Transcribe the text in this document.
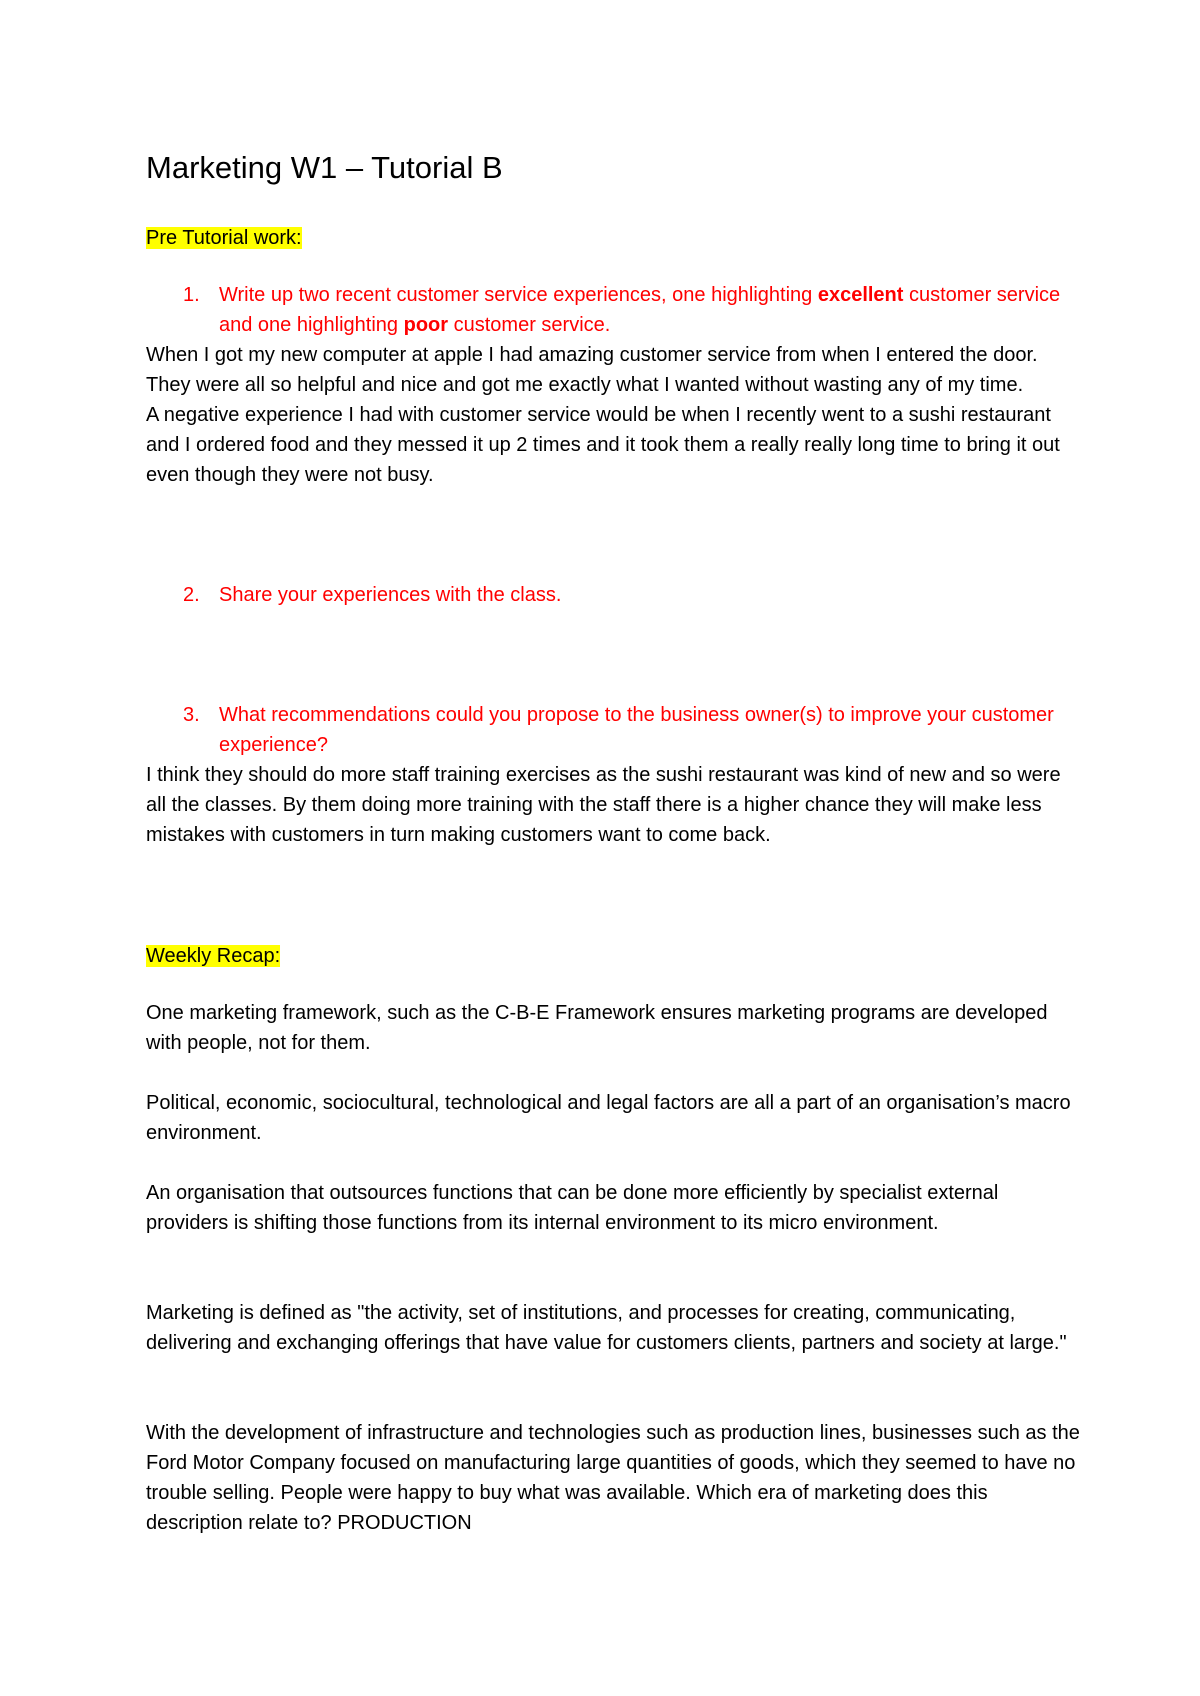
Marketing W1 – Tutorial B
Pre Tutorial work:
1. Write up two recent customer service experiences, one highlighting excellent customer service and one highlighting poor customer service.

When I got my new computer at apple I had amazing customer service from when I entered the door. They were all so helpful and nice and got me exactly what I wanted without wasting any of my time.

A negative experience I had with customer service would be when I recently went to a sushi restaurant and I ordered food and they messed it up 2 times and it took them a really really long time to bring it out even though they were not busy.

2. Share your experiences with the class.
3. What recommendations could you propose to the business owner(s) to improve your customer experience?

I think they should do more staff training exercises as the sushi restaurant was kind of new and so were all the classes. By them doing more training with the staff there is a higher chance they will make less mistakes with customers in turn making customers want to come back.

Weekly Recap:

One marketing framework, such as the C-B-E Framework ensures marketing programs are developed with people, not for them.

Political, economic, sociocultural, technological and legal factors are all a part of an organisation’s macro environment.

An organisation that outsources functions that can be done more efficiently by specialist external providers is shifting those functions from its internal environment to its micro environment.

Marketing is defined as "the activity, set of institutions, and processes for creating, communicating, delivering and exchanging offerings that have value for customers clients, partners and society at large."

With the development of infrastructure and technologies such as production lines, businesses such as the Ford Motor Company focused on manufacturing large quantities of goods, which they seemed to have no trouble selling. People were happy to buy what was available. Which era of marketing does this description relate to? PRODUCTION
